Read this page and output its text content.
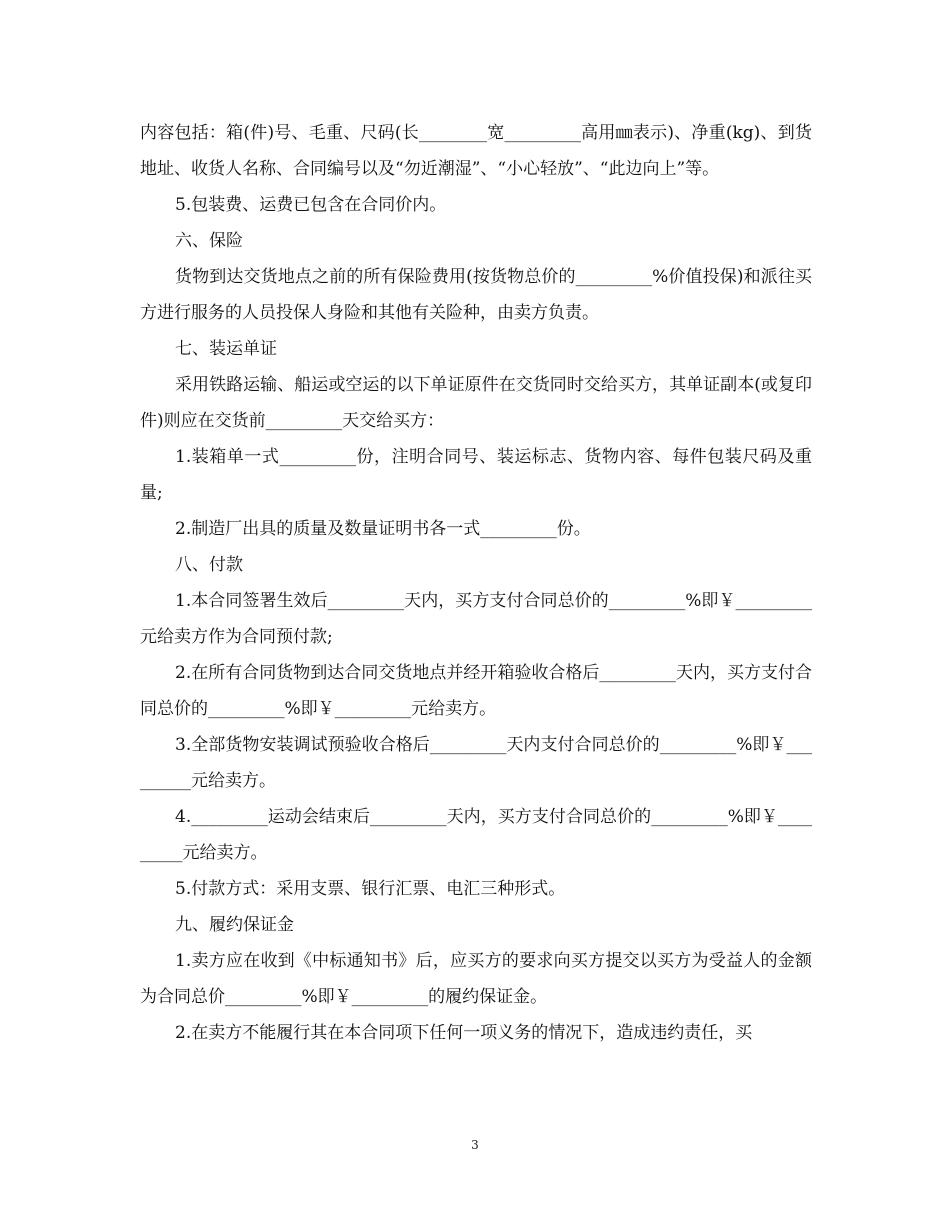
内容包括：箱(件)号、毛重、尺码(长________宽_________高用㎜表示)、净重(kg)、到货地址、收货人名称、合同编号以及“勿近潮湿”、“小心轻放”、“此边向上”等。

5.包装费、运费已包含在合同价内。

六、保险

货物到达交货地点之前的所有保险费用(按货物总价的_________%价值投保)和派往买方进行服务的人员投保人身险和其他有关险种，由卖方负责。

七、装运单证

采用铁路运输、船运或空运的以下单证原件在交货同时交给买方，其单证副本(或复印件)则应在交货前_________天交给买方：

1.装箱单一式_________份，注明合同号、装运标志、货物内容、每件包装尺码及重量;

2.制造厂出具的质量及数量证明书各一式_________份。

八、付款

1.本合同签署生效后_________天内，买方支付合同总价的_________%即￥_________元给卖方作为合同预付款;

2.在所有合同货物到达合同交货地点并经开箱验收合格后_________天内，买方支付合同总价的_________%即￥_________元给卖方。

3.全部货物安装调试预验收合格后_________天内支付合同总价的_________%即￥_________元给卖方。

4._________运动会结束后_________天内，买方支付合同总价的_________%即￥_________元给卖方。

5.付款方式：采用支票、银行汇票、电汇三种形式。

九、履约保证金

1.卖方应在收到《中标通知书》后，应买方的要求向买方提交以买方为受益人的金额为合同总价_________%即￥_________的履约保证金。

2.在卖方不能履行其在本合同项下任何一项义务的情况下，造成违约责任，买

3
